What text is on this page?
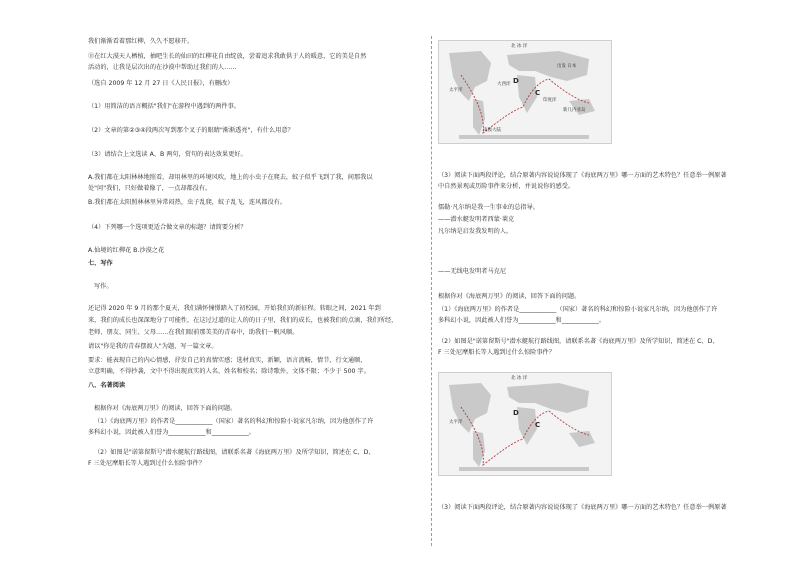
我们渐渐看着那红柳，久久不愿移开。
⑪在红大漠天人栖植，抽吧生长的仙田的红柳花自由绽放，尝着追求我敢供于人的暖意，它的美是自然
活动的，让我是层次出的在沙漠中帮助过我们的人……
（选自 2009 年 12 月 27 日《人民日报》，有删改）
（1）用简洁的语言概括"我们"在游程中遇到的两件事。
（2）文章的第②③④段两次写到那个叉子的眼睛"渐渐透亮"，有什么用意？
（3）请结合上文选读 A、B 两句，赏句的表达效果更好。
A.我们都在太阳林林地照看，却用林里的环境风吹，地上的小虫子在爬去，蚊子似乎飞到了我，间那我以
处"问"我们，只好做着像了，一点却都没有。
B.我们都在太阳照林林里异常闷热，虫子乱爬，蚊子乱飞，连风都没有。
（4）下列哪一个选项更适合做文章的标题？请简要分析？
A.仙境的红柳花 B.沙漠之花
七、写作
写作。
还记得 2020 年 9 月的那个夏天，我们满怀憧憬踏入了初校园，开始我们的新征程。转眼之间，2021 年到
来，我们的成长也深深地分了可能性，在这过过道的让人的的日子里，我们的成长，也被我们的点滴，我们所经，
老师、朋友、同生、父母……在我们眼前那美美的青春中，助我们一帆风顺。
请以"你是我的青春摆渡人"为题，写一篇文章。
要求：能表现自己的内心情感，抒发自己的真情实感；选材真实，新颖，语言流畅，情节，行文通顺，
立意明确，不得抄袭，文中不得出现真实的人名、姓名和校名；除诗歌外，文体不限；不少于 500 字。
八、名著阅读
根据你对《海底两万里》的阅读，回答下面的问题。
（1）《海底两万里》的作者是____________（国家）著名的科幻和惊险小说家凡尔纳，因为他创作了许
多科幻小说，因此被人们誉为____________和____________。
（2）如图是"诺第留斯号"潜水艇航行路线图，请联系名著《海底两万里》及所学知识，简述在 C、D、
F 三处尼摩船长等人遇到过什么惊险事件？
北 冰 洋
太平洋
大西洋
印度洋
C
D
南极大陆
出发 日本
新几内亚岛
（3）阅读下面两段评论，结合原著内容说说体现了《海底两万里》哪一方面的艺术特色？任意举一例原著
中自然景观或历险事件来分析，并说说你的感受。
儒勒·凡尔纳是我一生事业的总指导。
——潜水艇发明者西蒙·莱克
凡尔纳是启发我发明的人。
——无线电发明者马克尼
根据你对《海底两万里》的阅读，回答下面的问题。
（1）《海底两万里》的作者是____________（国家）著名的科幻和惊险小说家凡尔纳，因为他创作了许
多科幻小说，因此被人们誉为____________和____________。
（2）如图是"诺第留斯号"潜水艇航行路线图，请联系名著《海底两万里》及所学知识，简述在 C、D、
F 三处尼摩船长等人遇到过什么惊险事件？
北 冰 洋
太平洋	C
D
（3）阅读下面两段评论，结合原著内容说说体现了《海底两万里》哪一方面的艺术特色？任意举一例原著
